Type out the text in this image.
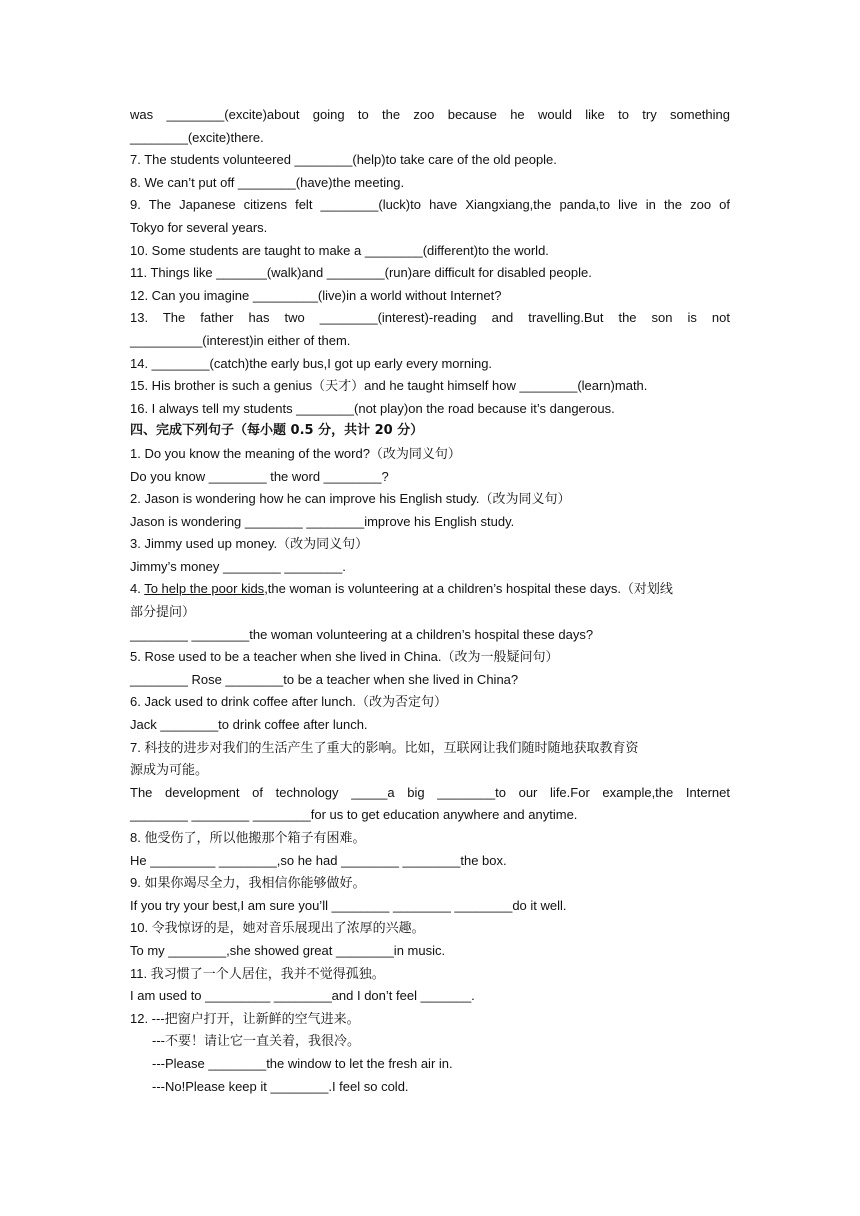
was ________(excite)about going to the zoo because he would like to try something
________(excite)there.
7. The students volunteered ________(help)to take care of the old people.
8. We can’t put off ________(have)the meeting.
9. The Japanese citizens felt ________(luck)to have Xiangxiang,the panda,to live in the zoo of
Tokyo for several years.
10. Some students are taught to make a ________(different)to the world.
11. Things like _______(walk)and ________(run)are difficult for disabled people.
12. Can you imagine _________(live)in a world without Internet?
13. The father has two ________(interest)-reading and travelling.But the son is not
__________(interest)in either of them.
14. ________(catch)the early bus,I got up early every morning.
15. His brother is such a genius（天才）and he taught himself how ________(learn)math.
16. I always tell my students ________(not play)on the road because it’s dangerous.
四、完成下列句子（每小题 0.5 分，共计 20 分）
1. Do you know the meaning of the word?（改为同义句）
Do you know ________ the word ________?
2. Jason is wondering how he can improve his English study.（改为同义句）
Jason is wondering ________ ________improve his English study.
3. Jimmy used up money.（改为同义句）
Jimmy’s money ________ ________.
4. To help the poor kids,the woman is volunteering at a children’s hospital these days.（对划线
部分提问）
________ ________the woman volunteering at a children’s hospital these days?
5. Rose used to be a teacher when she lived in China.（改为一般疑问句）
________ Rose ________to be a teacher when she lived in China?
6. Jack used to drink coffee after lunch.（改为否定句）
Jack ________to drink coffee after lunch.
7. 科技的进步对我们的生活产生了重大的影响。比如，互联网让我们随时随地获取教育资
源成为可能。
The development of technology _____a big ________to our life.For example,the Internet
________ ________ ________for us to get education anywhere and anytime.
8. 他受伤了，所以他搬那个箱子有困难。
He _________ ________,so he had ________ ________the box.
9. 如果你竭尽全力，我相信你能够做好。
If you try your best,I am sure you’ll ________ ________ ________do it well.
10. 令我惊讶的是，她对音乐展现出了浓厚的兴趣。
To my ________,she showed great ________in music.
11. 我习惯了一个人居住，我并不觉得孤独。
I am used to _________ ________and I don’t feel _______.
12. ---把窗户打开，让新鲜的空气进来。
---不要！请让它一直关着，我很冷。
---Please ________the window to let the fresh air in.
---No!Please keep it ________.I feel so cold.
